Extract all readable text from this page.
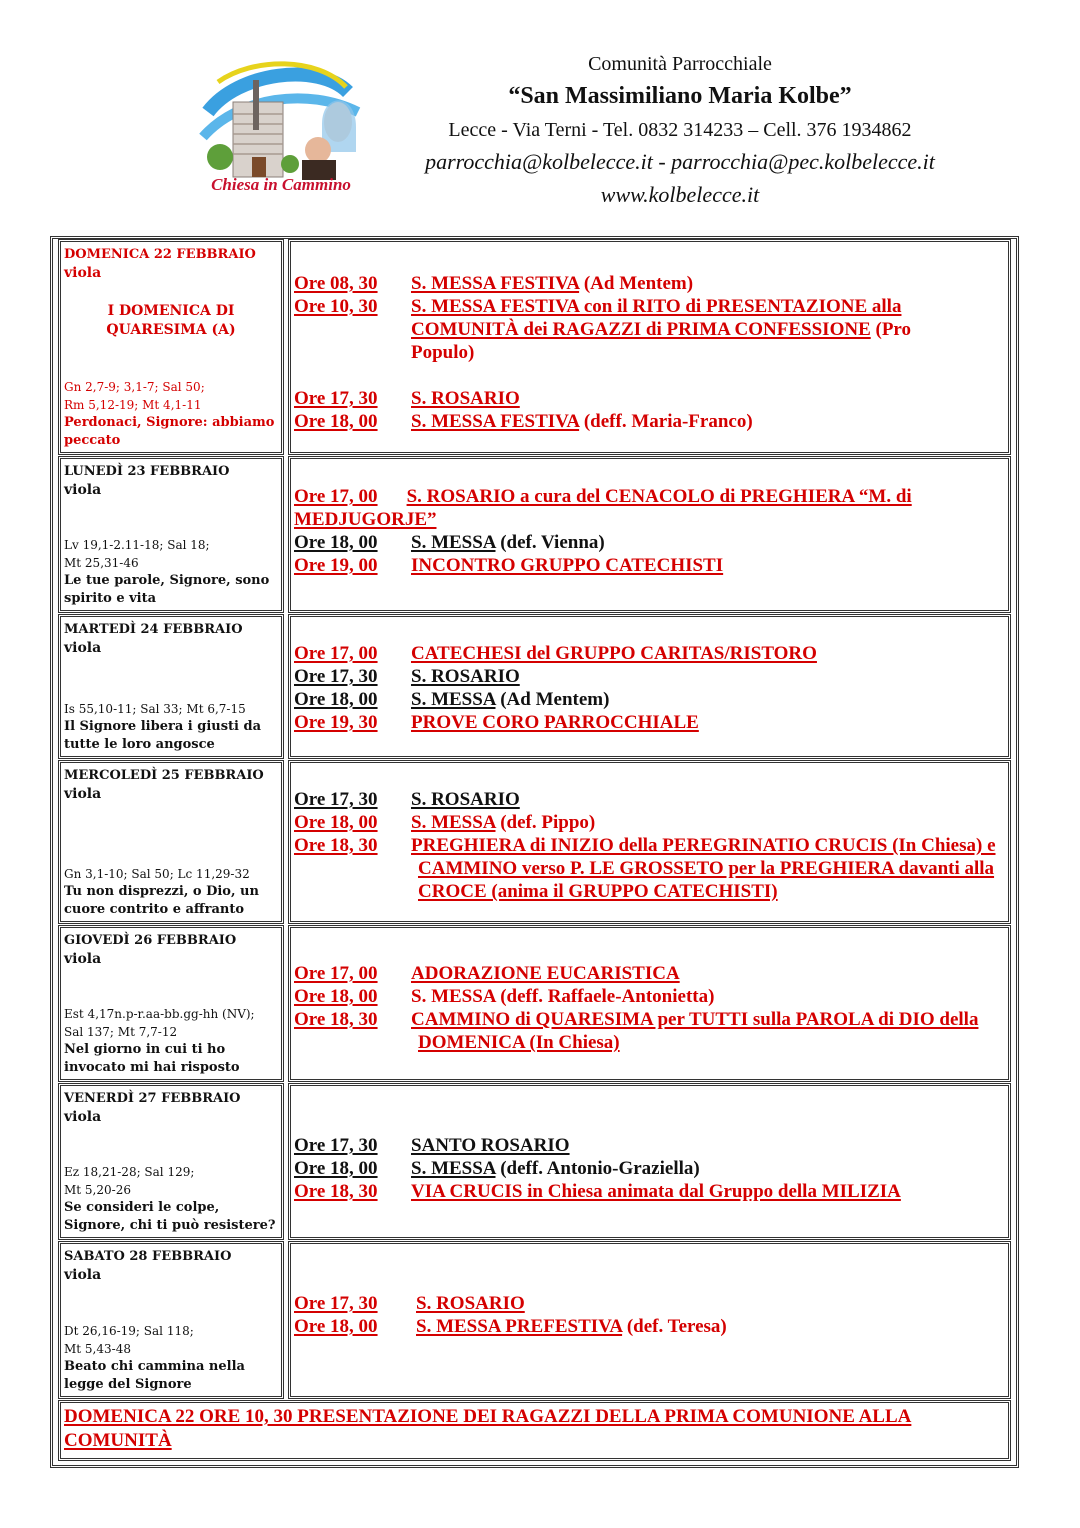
Chiesa in Cammino
Comunità Parrocchiale
“San Massimiliano Maria Kolbe”
Lecce - Via Terni - Tel. 0832 314233 – Cell. 376 1934862
parrocchia@kolbelecce.it - parrocchia@pec.kolbelecce.it
www.kolbelecce.it
DOMENICA 22 FEBBRAIO
viola
I DOMENICA DI QUARESIMA (A)
Gn 2,7-9; 3,1-7; Sal 50;
Rm 5,12-19; Mt 4,1-11
Perdonaci, Signore: abbiamo peccato
Ore 08, 30 S. MESSA FESTIVA (Ad Mentem)
Ore 10, 30 S. MESSA FESTIVA con il RITO di PRESENTAZIONE alla COMUNITÀ dei RAGAZZI di PRIMA CONFESSIONE (Pro Populo)
Ore 17, 30 S. ROSARIO
Ore 18, 00 S. MESSA FESTIVA (deff. Maria-Franco)
LUNEDÌ 23 FEBBRAIO
viola
Lv 19,1-2.11-18; Sal 18;
Mt 25,31-46
Le tue parole, Signore, sono spirito e vita
Ore 17, 00 S. ROSARIO a cura del CENACOLO di PREGHIERA “M. di MEDJUGORJE”
Ore 18, 00 S. MESSA (def. Vienna)
Ore 19, 00 INCONTRO GRUPPO CATECHISTI
MARTEDÌ 24 FEBBRAIO
viola
Is 55,10-11; Sal 33; Mt 6,7-15
Il Signore libera i giusti da tutte le loro angosce
Ore 17, 00 CATECHESI del GRUPPO CARITAS/RISTORO
Ore 17, 30 S. ROSARIO
Ore 18, 00 S. MESSA (Ad Mentem)
Ore 19, 30 PROVE CORO PARROCCHIALE
MERCOLEDÌ 25 FEBBRAIO
viola
Gn 3,1-10; Sal 50; Lc 11,29-32
Tu non disprezzi, o Dio, un cuore contrito e affranto
Ore 17, 30 S. ROSARIO
Ore 18, 00 S. MESSA (def. Pippo)
Ore 18, 30 PREGHIERA di INIZIO della PEREGRINATIO CRUCIS (In Chiesa) e CAMMINO verso P. LE GROSSETO per la PREGHIERA davanti alla CROCE (anima il GRUPPO CATECHISTI)
GIOVEDÌ 26 FEBBRAIO
viola
Est 4,17n.p-r.aa-bb.gg-hh (NV);
Sal 137; Mt 7,7-12
Nel giorno in cui ti ho invocato mi hai risposto
Ore 17, 00 ADORAZIONE EUCARISTICA
Ore 18, 00 S. MESSA (deff. Raffaele-Antonietta)
Ore 18, 30 CAMMINO di QUARESIMA per TUTTI sulla PAROLA di DIO della DOMENICA (In Chiesa)
VENERDÌ 27 FEBBRAIO
viola
Ez 18,21-28; Sal 129;
Mt 5,20-26
Se consideri le colpe, Signore, chi ti può resistere?
Ore 17, 30 SANTO ROSARIO
Ore 18, 00 S. MESSA (deff. Antonio-Graziella)
Ore 18, 30 VIA CRUCIS in Chiesa animata dal Gruppo della MILIZIA
SABATO 28 FEBBRAIO
viola
Dt 26,16-19; Sal 118;
Mt 5,43-48
Beato chi cammina nella legge del Signore
Ore 17, 30 S. ROSARIO
Ore 18, 00 S. MESSA PREFESTIVA (def. Teresa)
DOMENICA 22 ORE 10, 30 PRESENTAZIONE DEI RAGAZZI DELLA PRIMA COMUNIONE ALLA COMUNITÀ
